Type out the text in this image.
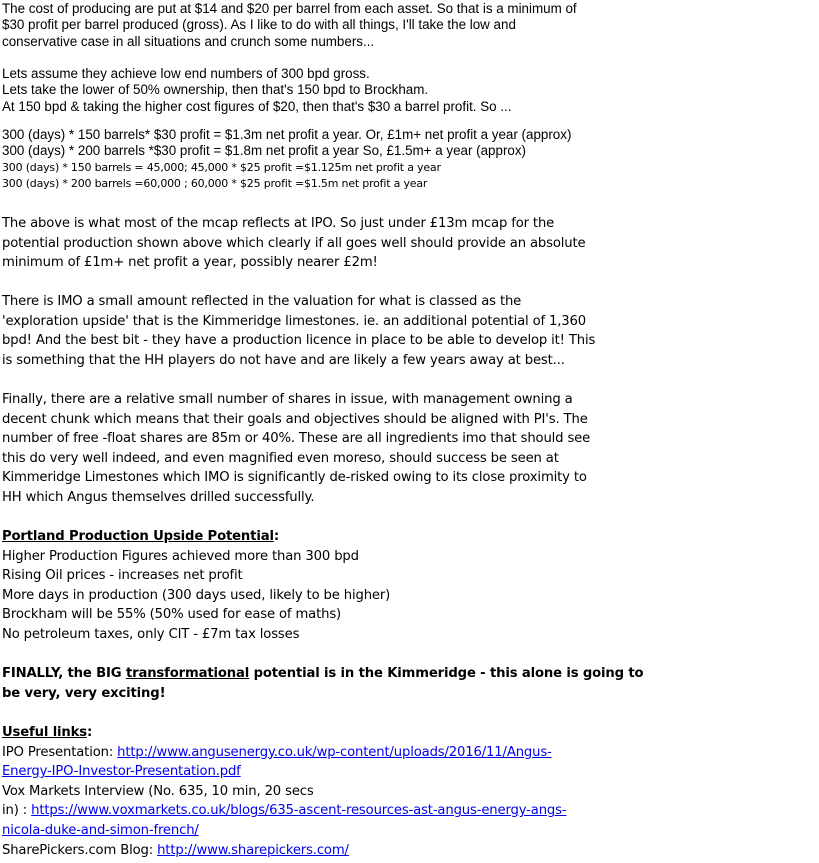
The cost of producing are put at $14 and $20 per barrel from each asset. So that is a minimum of

$30 profit per barrel produced (gross). As I like to do with all things, I'll take the low and

conservative case in all situations and crunch some numbers...

Lets assume they achieve low end numbers of 300 bpd gross.

Lets take the lower of 50% ownership, then that's 150 bpd to Brockham.

At 150 bpd & taking the higher cost figures of $20, then that's $30 a barrel profit. So ...

300 (days) * 150 barrels* $30 profit = $1.3m net profit a year. Or, £1m+ net profit a year (approx)

300 (days) * 200 barrels *$30 profit = $1.8m net profit a year So, £1.5m+ a year (approx)

300 (days) * 150 barrels = 45,000; 45,000 * $25 profit =$1.125m net profit a year

300 (days) * 200 barrels =60,000 ; 60,000 * $25 profit =$1.5m net profit a year

The above is what most of the mcap reflects at IPO. So just under £13m mcap for the

potential production shown above which clearly if all goes well should provide an absolute

minimum of £1m+ net profit a year, possibly nearer £2m!

There is IMO a small amount reflected in the valuation for what is classed as the

'exploration upside' that is the Kimmeridge limestones. ie. an additional potential of 1,360

bpd! And the best bit - they have a production licence in place to be able to develop it! This

is something that the HH players do not have and are likely a few years away at best...

Finally, there are a relative small number of shares in issue, with management owning a

decent chunk which means that their goals and objectives should be aligned with PI's. The

number of free -float shares are 85m or 40%. These are all ingredients imo that should see

this do very well indeed, and even magnified even moreso, should success be seen at

Kimmeridge Limestones which IMO is significantly de-risked owing to its close proximity to

HH which Angus themselves drilled successfully.

Portland Production Upside Potential:

Higher Production Figures achieved more than 300 bpd

Rising Oil prices - increases net profit

More days in production (300 days used, likely to be higher)

Brockham will be 55% (50% used for ease of maths)

No petroleum taxes, only CIT - £7m tax losses

FINALLY, the BIG transformational potential is in the Kimmeridge - this alone is going to

be very, very exciting!

Useful links:

IPO Presentation: http://www.angusenergy.co.uk/wp-content/uploads/2016/11/Angus-

Energy-IPO-Investor-Presentation.pdf

Vox Markets Interview (No. 635, 10 min, 20 secs

in) : https://www.voxmarkets.co.uk/blogs/635-ascent-resources-ast-angus-energy-angs-

nicola-duke-and-simon-french/

SharePickers.com Blog: http://www.sharepickers.com/
